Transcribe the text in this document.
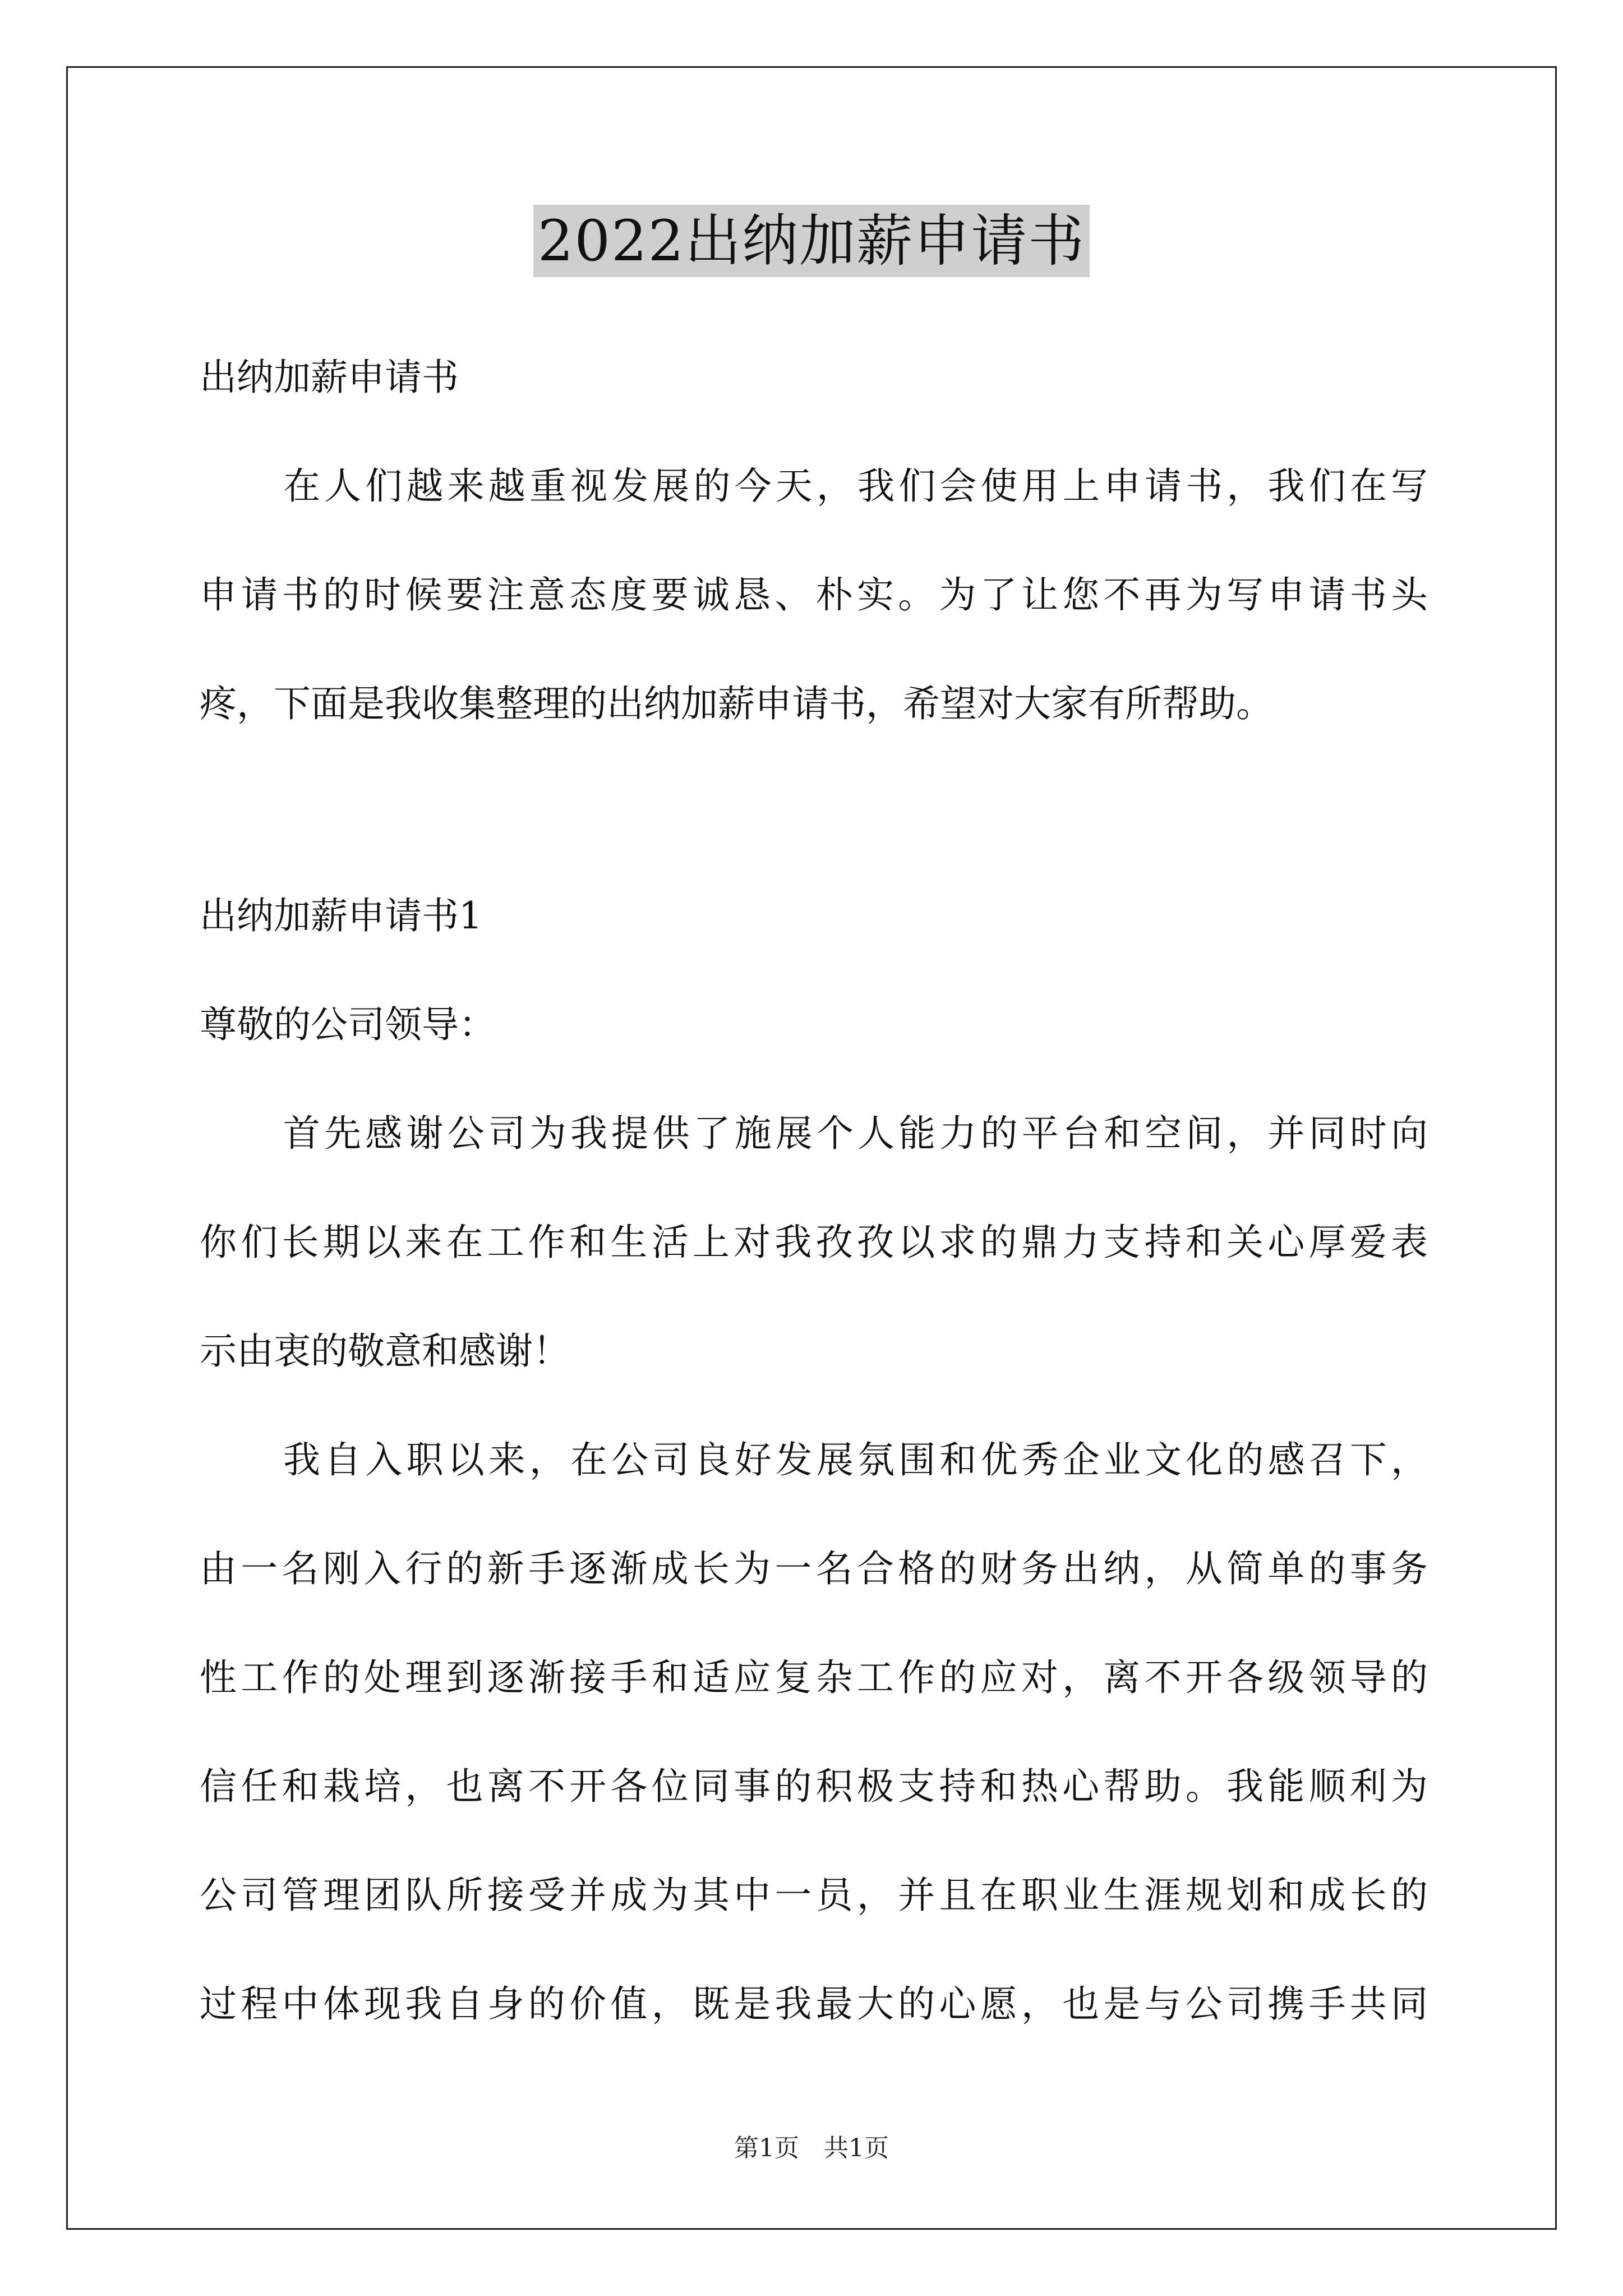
2022出纳加薪申请书
出纳加薪申请书
在人们越来越重视发展的今天，我们会使用上申请书，我们在写
申请书的时候要注意态度要诚恳、朴实。为了让您不再为写申请书头
疼，下面是我收集整理的出纳加薪申请书，希望对大家有所帮助。
出纳加薪申请书1
尊敬的公司领导：
首先感谢公司为我提供了施展个人能力的平台和空间，并同时向
你们长期以来在工作和生活上对我孜孜以求的鼎力支持和关心厚爱表
示由衷的敬意和感谢！
我自入职以来，在公司良好发展氛围和优秀企业文化的感召下，
由一名刚入行的新手逐渐成长为一名合格的财务出纳，从简单的事务
性工作的处理到逐渐接手和适应复杂工作的应对，离不开各级领导的
信任和栽培，也离不开各位同事的积极支持和热心帮助。我能顺利为
公司管理团队所接受并成为其中一员，并且在职业生涯规划和成长的
过程中体现我自身的价值，既是我最大的心愿，也是与公司携手共同
第1页　共1页
